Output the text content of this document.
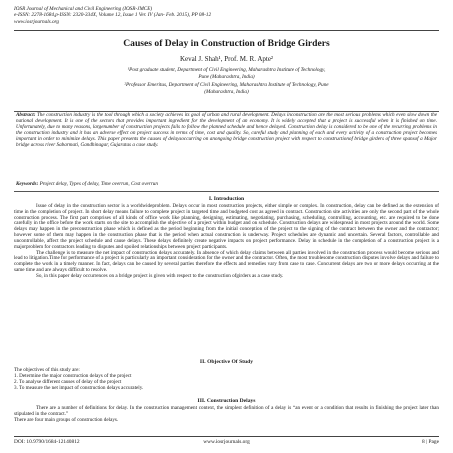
IOSR Journal of Mechanical and Civil Engineering (IOSR-JMCE)
e-ISSN: 2278-1684,p-ISSN: 2320-334X, Volume 12, Issue 1 Ver. IV (Jan- Feb. 2015), PP 08-12
www.iosrjournals.org
Causes of Delay in Construction of Bridge Girders
Keval J. Shah¹, Prof. M. R. Apte²
¹Post graduate student, Department of Civil Engineering, Maharashtra Institute of Technology,
Pune (Maharashtra, India)
²Professor Emeritus, Department of Civil Engineering, Maharashtra Institute of Technology, Pune
(Maharashtra, India)
Abstract: The construction industry is the tool through which a society achieves its goal of urban and rural development. Delays inconstruction are the most serious problems which even slow down the national development. It is one of the sectors that provides important ingredient for the development of an economy. It is widely accepted that a project is successful when it is finished on time. Unfortunately, due to many reasons, largenumber of construction projects fails to follow the planned schedule and hence delayed. Construction delay is considered to be one of the recurring problems in the construction industry and it has an adverse effect on project success in terms of time, cost and quality. So, careful study and planning of each and every activity of a construction project becomes important in order to minimize delays. This paper presents the causes of delaysoccurring on anongoing bridge construction project with respect to constructionof bridge girders of three spansof a Major bridge across river Sabarmati, Gandhinagar, Gujaratas a case study.
Keywords: Project delay, Types of delay, Time overrun, Cost overrun
I. Introduction

Issue of delay in the construction sector is a worldwideproblem. Delays occur in most construction projects, either simple or complex. In construction, delay can be defined as the extension of time in the completion of project. In short delay means failure to complete project in targeted time and budgeted cost as agreed in contract. Construction site activities are only the second part of the whole construction process. The first part comprises of all kinds of office work like planning, designing, estimating, negotiating, purchasing, scheduling, controlling, accounting, etc. are required to be done carefully in the office before the work starts on the site to accomplish the objective of a project within budget and on schedule. Construction delays are widespread in most projects around the world. Some delays may happen in the preconstruction phase which is defined as the period beginning from the initial conception of the project to the signing of the contract between the owner and the contractor; however some of them may happen in the construction phase that is the period when actual construction is underway. Project schedules are dynamic and uncertain. Several factors, controllable and uncontrollable, affect the project schedule and cause delays. These delays definitely create negative impacts on project performance. Delay in schedule in the completion of a construction project is a majorproblem for contractors leading to disputes and spoiled relationships between project participants.

The challenge is to measure the net impact of construction delays accurately. In absence of which delay claims between all parties involved in the construction process would become serious and lead to litigation.Time for performance of a project is particularly an important consideration for the owner and the contractor. Often, the most troublesome construction disputes involve delays and failure to complete the work in a timely manner. In fact, delays can be caused by several parties therefore the effects and remedies vary from case to case. Concurrent delays are two or more delays occurring at the same time and are always difficult to resolve.

So, in this paper delay occurrences on a bridge project is given with respect to the construction ofgirders as a case study.

II. Objective Of Study
The objectives of this study are:
1. Determine the major construction delays of the project
2. To analyse different causes of delay of the project
3. To measure the net impact of construction delays accurately.
III. Construction Delays

There are a number of definitions for delay. In the construction management context, the simplest definition of a delay is “an event or a condition that results in finishing the project later than stipulated in the contract.”

There are four main groups of construction delays.

DOI: 10.9790/1684-12140812	www.iosrjournals.org	8 | Page
